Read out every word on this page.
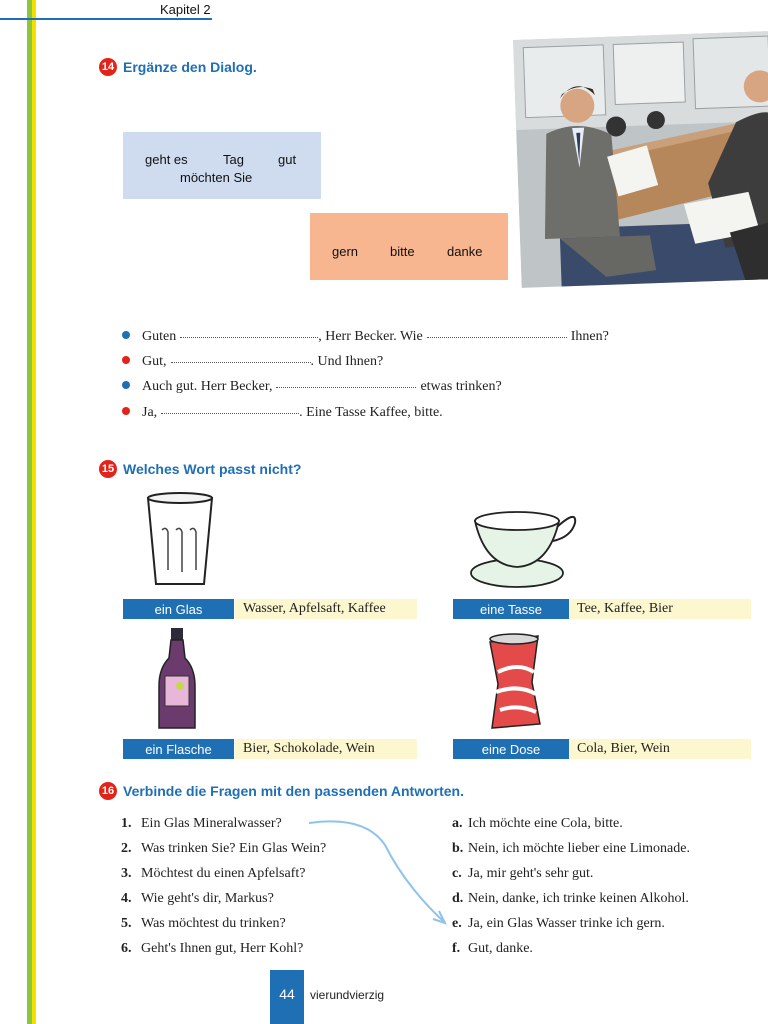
Kapitel 2
14 Ergänze den Dialog.
geht es	Tag	gut
möchten Sie
gern bitte danke
Guten	, Herr Becker. Wie	Ihnen?
Gut,	. Und Ihnen?
Auch gut. Herr Becker,	etwas trinken?
Ja,	. Eine Tasse Kaffee, bitte.
15 Welches Wort passt nicht?
ein Glas	Wasser, Apfelsaft, Kaffee	eine Tasse	Tee, Kaffee, Bier
ein Flasche	Bier, Schokolade, Wein	eine Dose	Cola, Bier, Wein
16 Verbinde die Fragen mit den passenden Antworten.
1. Ein Glas Mineralwasser?
2. Was trinken Sie? Ein Glas Wein?
3. Möchtest du einen Apfelsaft?
4. Wie geht's dir, Markus?
5. Was möchtest du trinken?
6. Geht's Ihnen gut, Herr Kohl?
a. Ich möchte eine Cola, bitte.
b. Nein, ich möchte lieber eine Limonade.
c. Ja, mir geht's sehr gut.
d. Nein, danke, ich trinke keinen Alkohol.
e. Ja, ein Glas Wasser trinke ich gern.
f. Gut, danke.
44	vierundvierzig
